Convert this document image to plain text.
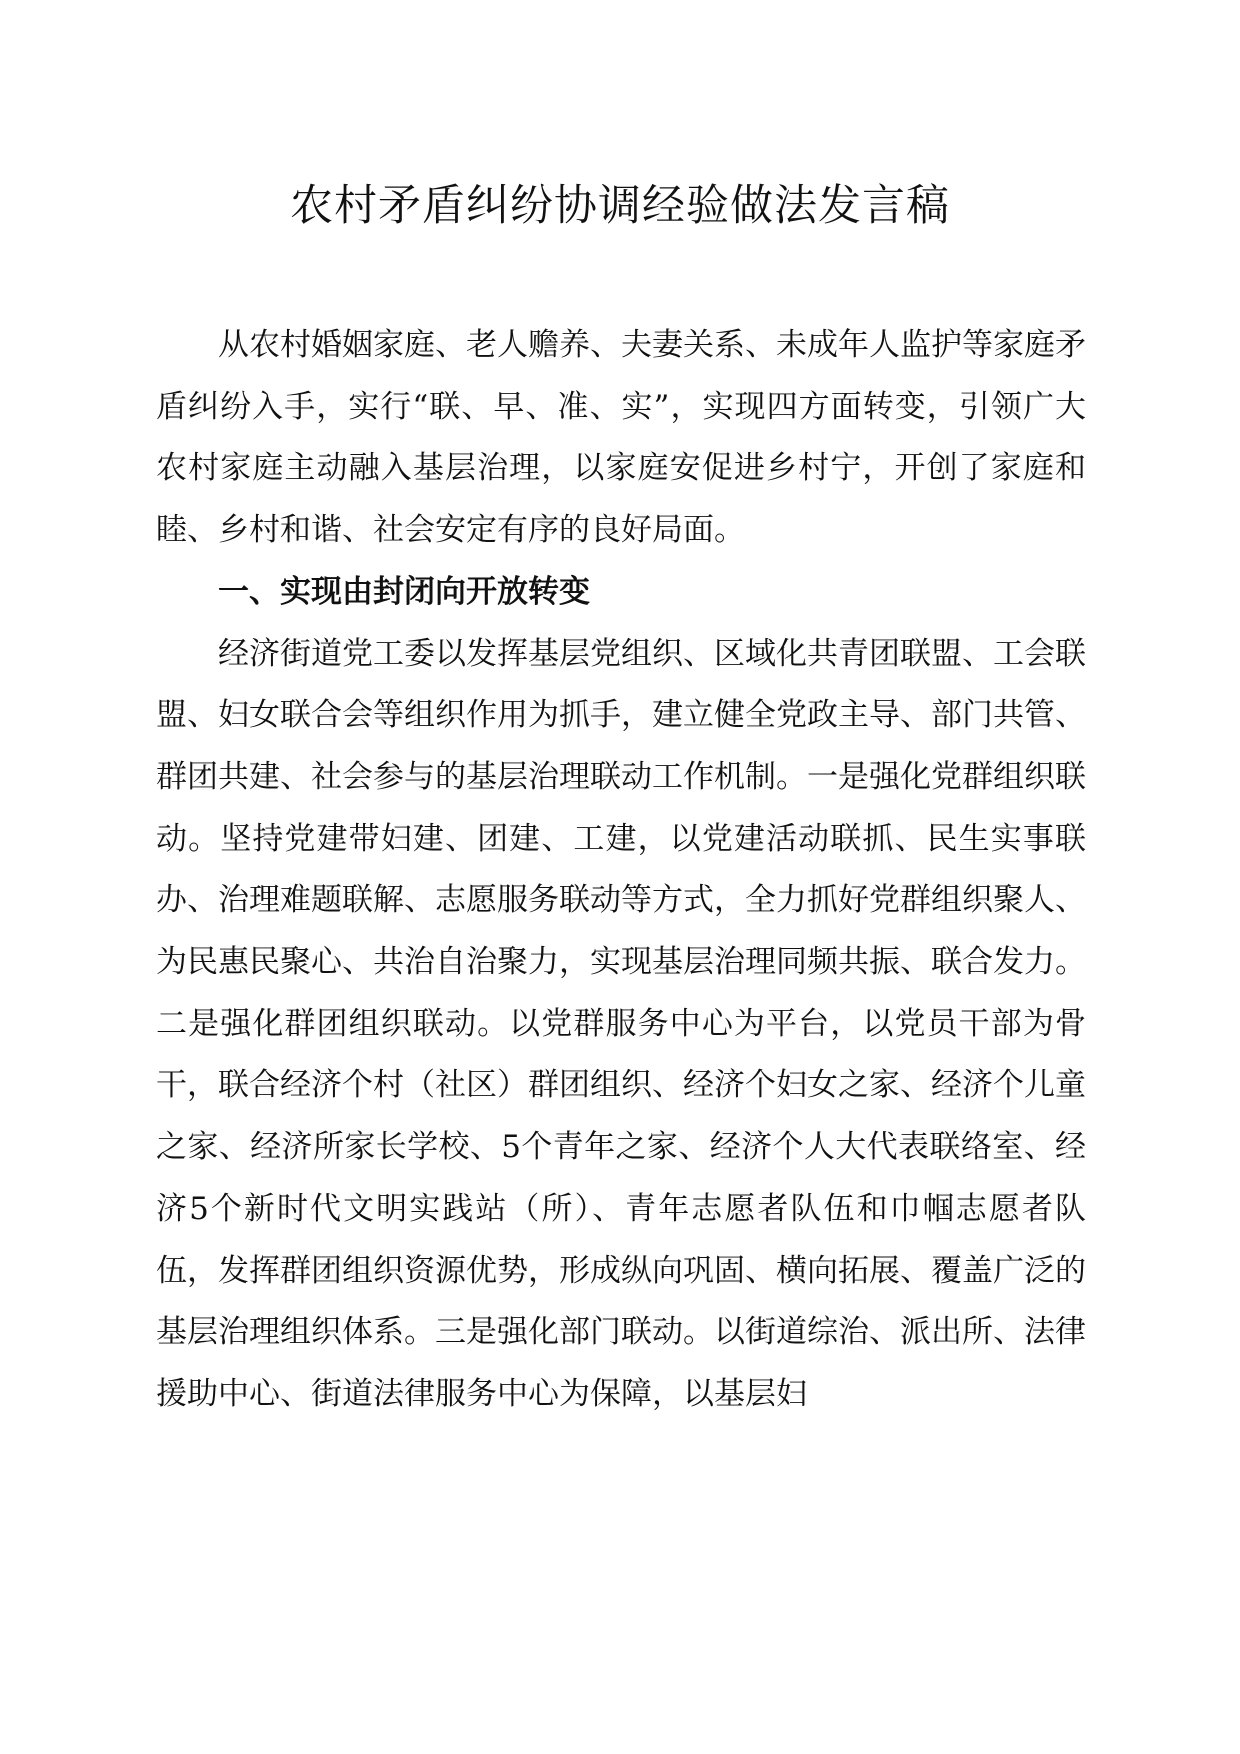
农村矛盾纠纷协调经验做法发言稿

从农村婚姻家庭、老人赡养、夫妻关系、未成年人监护等家庭矛盾纠纷入手，实行“联、早、准、实”，实现四方面转变，引领广大农村家庭主动融入基层治理，以家庭安促进乡村宁，开创了家庭和睦、乡村和谐、社会安定有序的良好局面。

一、实现由封闭向开放转变

经济街道党工委以发挥基层党组织、区域化共青团联盟、工会联盟、妇女联合会等组织作用为抓手，建立健全党政主导、部门共管、群团共建、社会参与的基层治理联动工作机制。一是强化党群组织联动。坚持党建带妇建、团建、工建，以党建活动联抓、民生实事联办、治理难题联解、志愿服务联动等方式，全力抓好党群组织聚人、为民惠民聚心、共治自治聚力，实现基层治理同频共振、联合发力。二是强化群团组织联动。以党群服务中心为平台，以党员干部为骨干，联合经济个村（社区）群团组织、经济个妇女之家、经济个儿童之家、经济所家长学校、5个青年之家、经济个人大代表联络室、经济5个新时代文明实践站（所）、青年志愿者队伍和巾帼志愿者队伍，发挥群团组织资源优势，形成纵向巩固、横向拓展、覆盖广泛的基层治理组织体系。三是强化部门联动。以街道综治、派出所、法律援助中心、街道法律服务中心为保障，以基层妇
